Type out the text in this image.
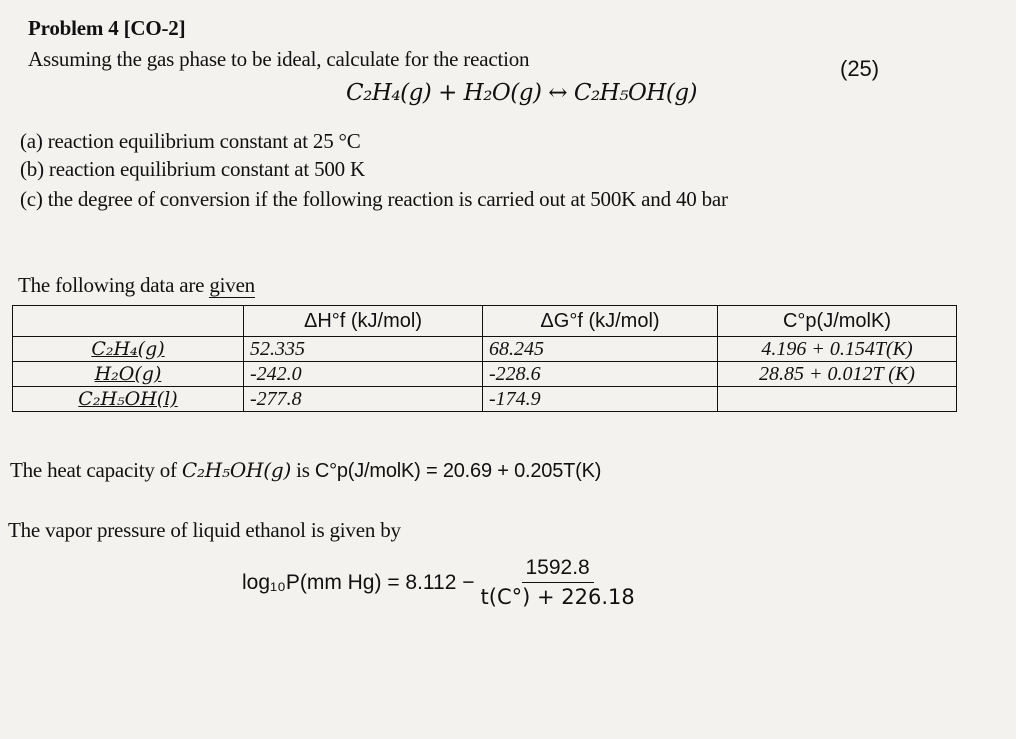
Problem 4 [CO-2]
Assuming the gas phase to be ideal, calculate for the reaction	(25)
C₂H₄(g) + H₂O(g) ↔ C₂H₅OH(g)
(a) reaction equilibrium constant at 25 °C
(b) reaction equilibrium constant at 500 K
(c) the degree of conversion if the following reaction is carried out at 500K and 40 bar
The following data are given
	ΔH°f (kJ/mol)	ΔG°f (kJ/mol)	C°p(J/molK)
C₂H₄(g)	52.335	68.245	4.196 + 0.154T(K)
H₂O(g)	-242.0	-228.6	28.85 + 0.012T (K)
C₂H₅OH(l)	-277.8	-174.9	
The heat capacity of C₂H₅OH(g) is C°p(J/molK) = 20.69 + 0.205T(K)
The vapor pressure of liquid ethanol is given by
log₁₀P(mm $Hg) = 8.112 - \frac{1592.8}{t(C^\circ) + 226.18}$
